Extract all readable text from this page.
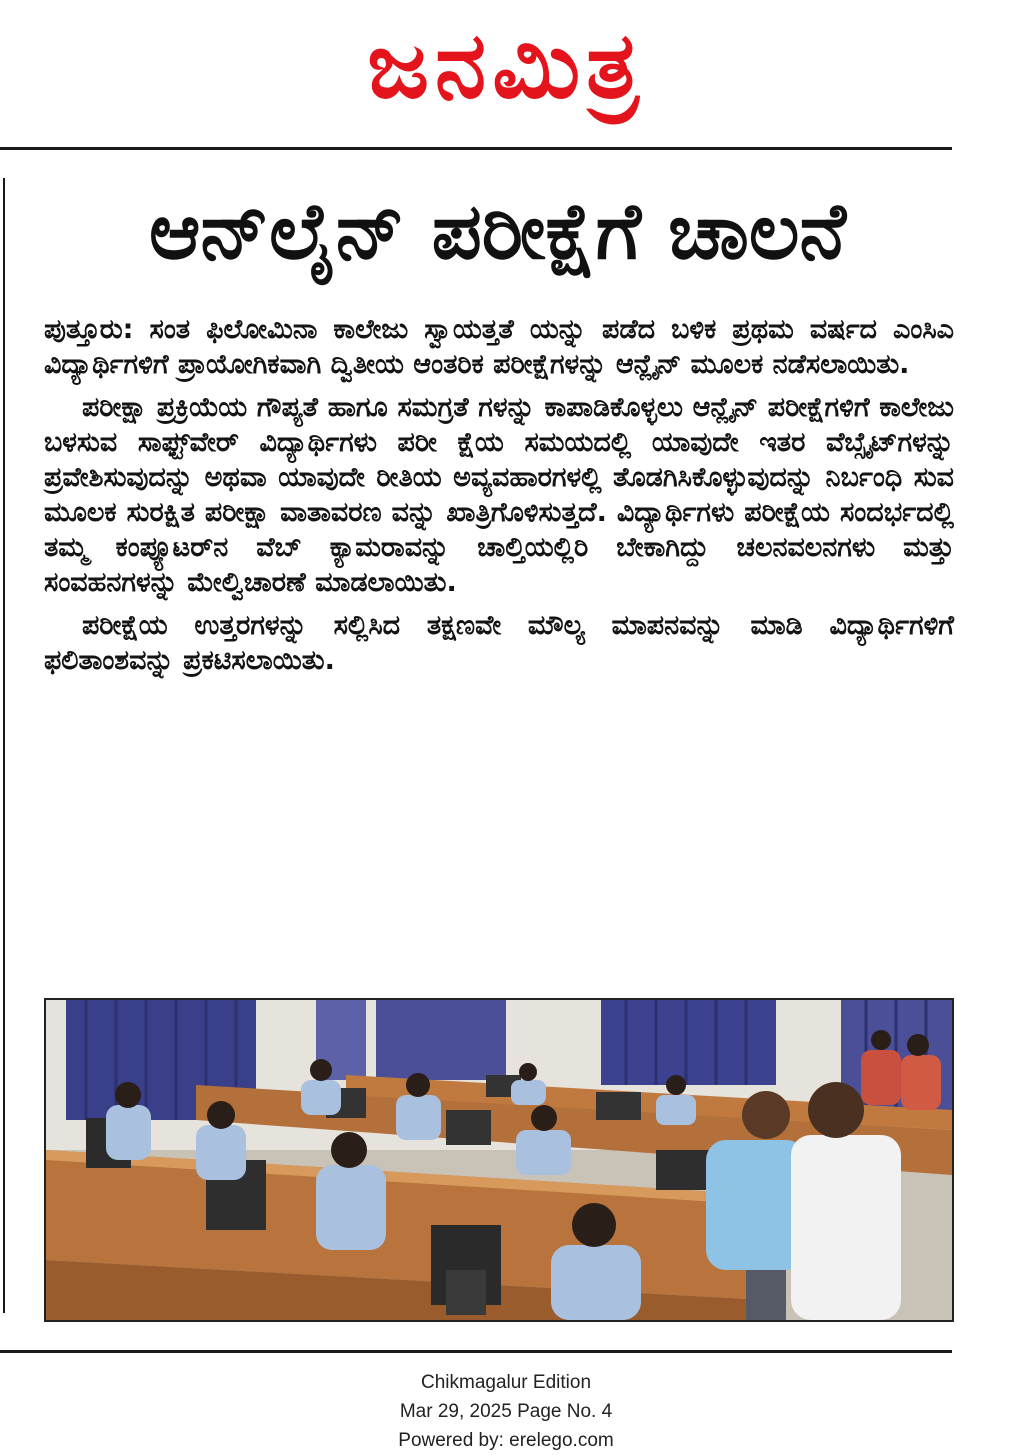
ಜನಮಿತ್ರ
ಆನ್‌ಲೈನ್ ಪರೀಕ್ಷೆಗೆ ಚಾಲನೆ

ಪುತ್ತೂರು: ಸಂತ ಫಿಲೋಮಿನಾ ಕಾಲೇಜು ಸ್ವಾಯತ್ತತೆ ಯನ್ನು ಪಡೆದ ಬಳಿಕ ಪ್ರಥಮ ವರ್ಷದ ಎಂಸಿಎ ವಿದ್ಯಾರ್ಥಿಗಳಿಗೆ ಪ್ರಾಯೋಗಿಕವಾಗಿ ದ್ವಿತೀಯ ಆಂತರಿಕ ಪರೀಕ್ಷೆಗಳನ್ನು ಆನ್ಲೈನ್ ಮೂಲಕ ನಡೆಸಲಾಯಿತು.

ಪರೀಕ್ಷಾ ಪ್ರಕ್ರಿಯೆಯ ಗೌಪ್ಯತೆ ಹಾಗೂ ಸಮಗ್ರತೆ ಗಳನ್ನು ಕಾಪಾಡಿಕೊಳ್ಳಲು ಆನ್ಲೈನ್ ಪರೀಕ್ಷೆಗಳಿಗೆ ಕಾಲೇಜು ಬಳಸುವ ಸಾಫ್ಟ್‌ವೇರ್ ವಿದ್ಯಾರ್ಥಿಗಳು ಪರೀ ಕ್ಷೆಯ ಸಮಯದಲ್ಲಿ ಯಾವುದೇ ಇತರ ವೆಬ್ಸೈಟ್‌ಗಳನ್ನು ಪ್ರವೇಶಿಸುವುದನ್ನು ಅಥವಾ ಯಾವುದೇ ರೀತಿಯ ಅವ್ಯವಹಾರಗಳಲ್ಲಿ ತೊಡಗಿಸಿಕೊಳ್ಳುವುದನ್ನು ನಿರ್ಬಂಧಿ ಸುವ ಮೂಲಕ ಸುರಕ್ಷಿತ ಪರೀಕ್ಷಾ ವಾತಾವರಣ ವನ್ನು ಖಾತ್ರಿಗೊಳಿಸುತ್ತದೆ. ವಿದ್ಯಾರ್ಥಿಗಳು ಪರೀಕ್ಷೆಯ ಸಂದರ್ಭದಲ್ಲಿ ತಮ್ಮ ಕಂಪ್ಯೂಟರ್‌ನ ವೆಬ್ ಕ್ಯಾಮರಾವನ್ನು ಚಾಲ್ತಿಯಲ್ಲಿರಿ ಬೇಕಾಗಿದ್ದು ಚಲನವಲನಗಳು ಮತ್ತು ಸಂವಹನಗಳನ್ನು ಮೇಲ್ವಿಚಾರಣೆ ಮಾಡಲಾಯಿತು.

ಪರೀಕ್ಷೆಯ ಉತ್ತರಗಳನ್ನು ಸಲ್ಲಿಸಿದ ತಕ್ಷಣವೇ ಮೌಲ್ಯ ಮಾಪನವನ್ನು ಮಾಡಿ ವಿದ್ಯಾರ್ಥಿಗಳಿಗೆ ಫಲಿತಾಂಶವನ್ನು ಪ್ರಕಟಿಸಲಾಯಿತು.

Chikmagalur Edition
Mar 29, 2025 Page No. 4
Powered by: erelego.com
